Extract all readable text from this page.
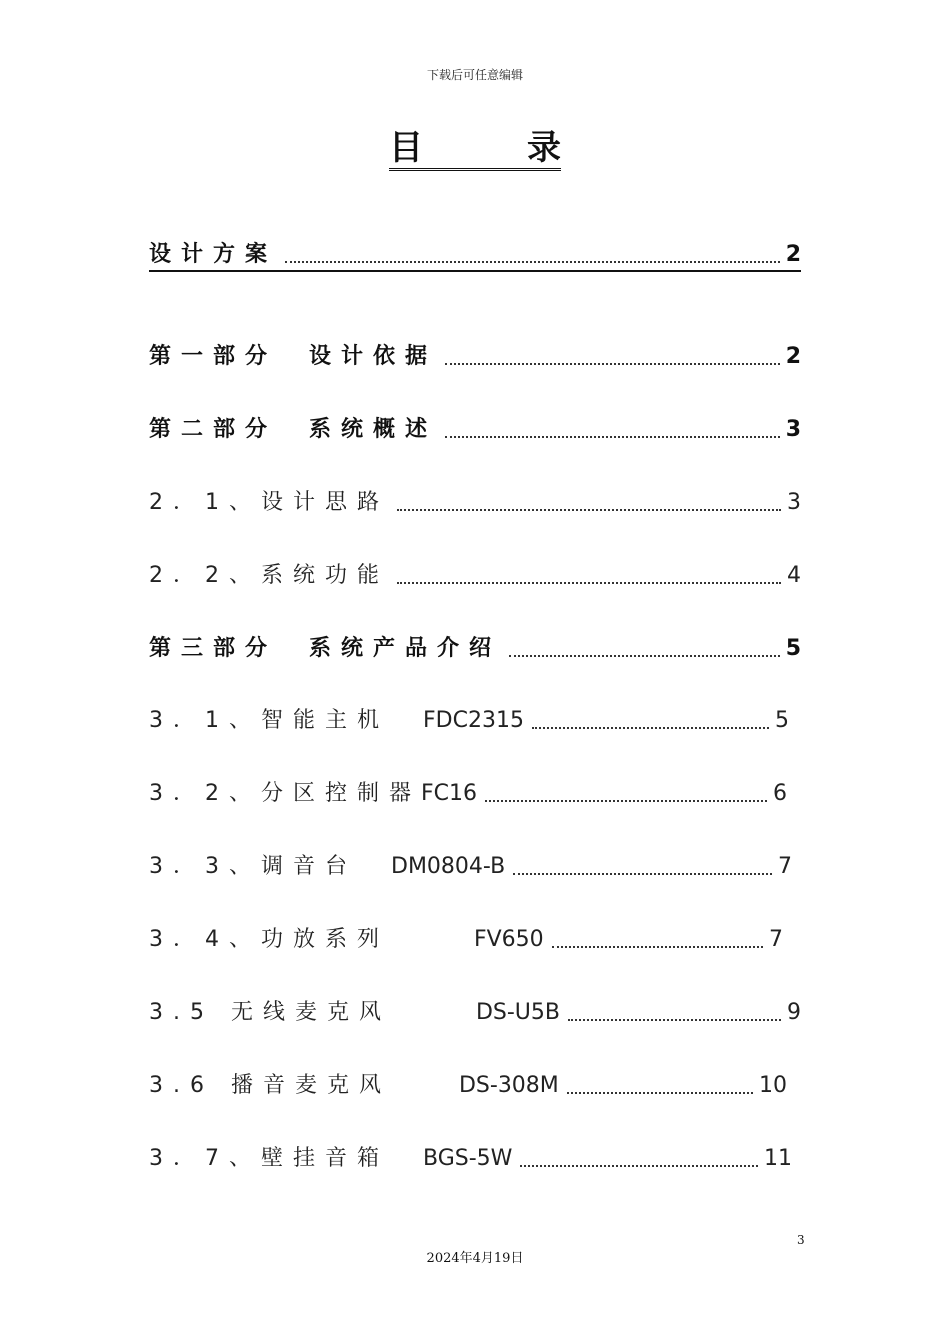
下载后可任意编辑
目	录
设计方案	2
第一部分　设计依据	2
第二部分　系统概述	3
2．1、设计思路	3
2．2、系统功能	4
第三部分　系统产品介绍	5
3．1、智能主机 FDC2315	5
3．2、分区控制器FC16	6
3．3、调音台 DM0804-B	7
3．4、功放系列	FV650	7
3.5 无线麦克风	DS-U5B	9
3.6 播音麦克风	DS-308M	10
3．7、壁挂音箱 BGS-5W	11
3
2024年4月19日
